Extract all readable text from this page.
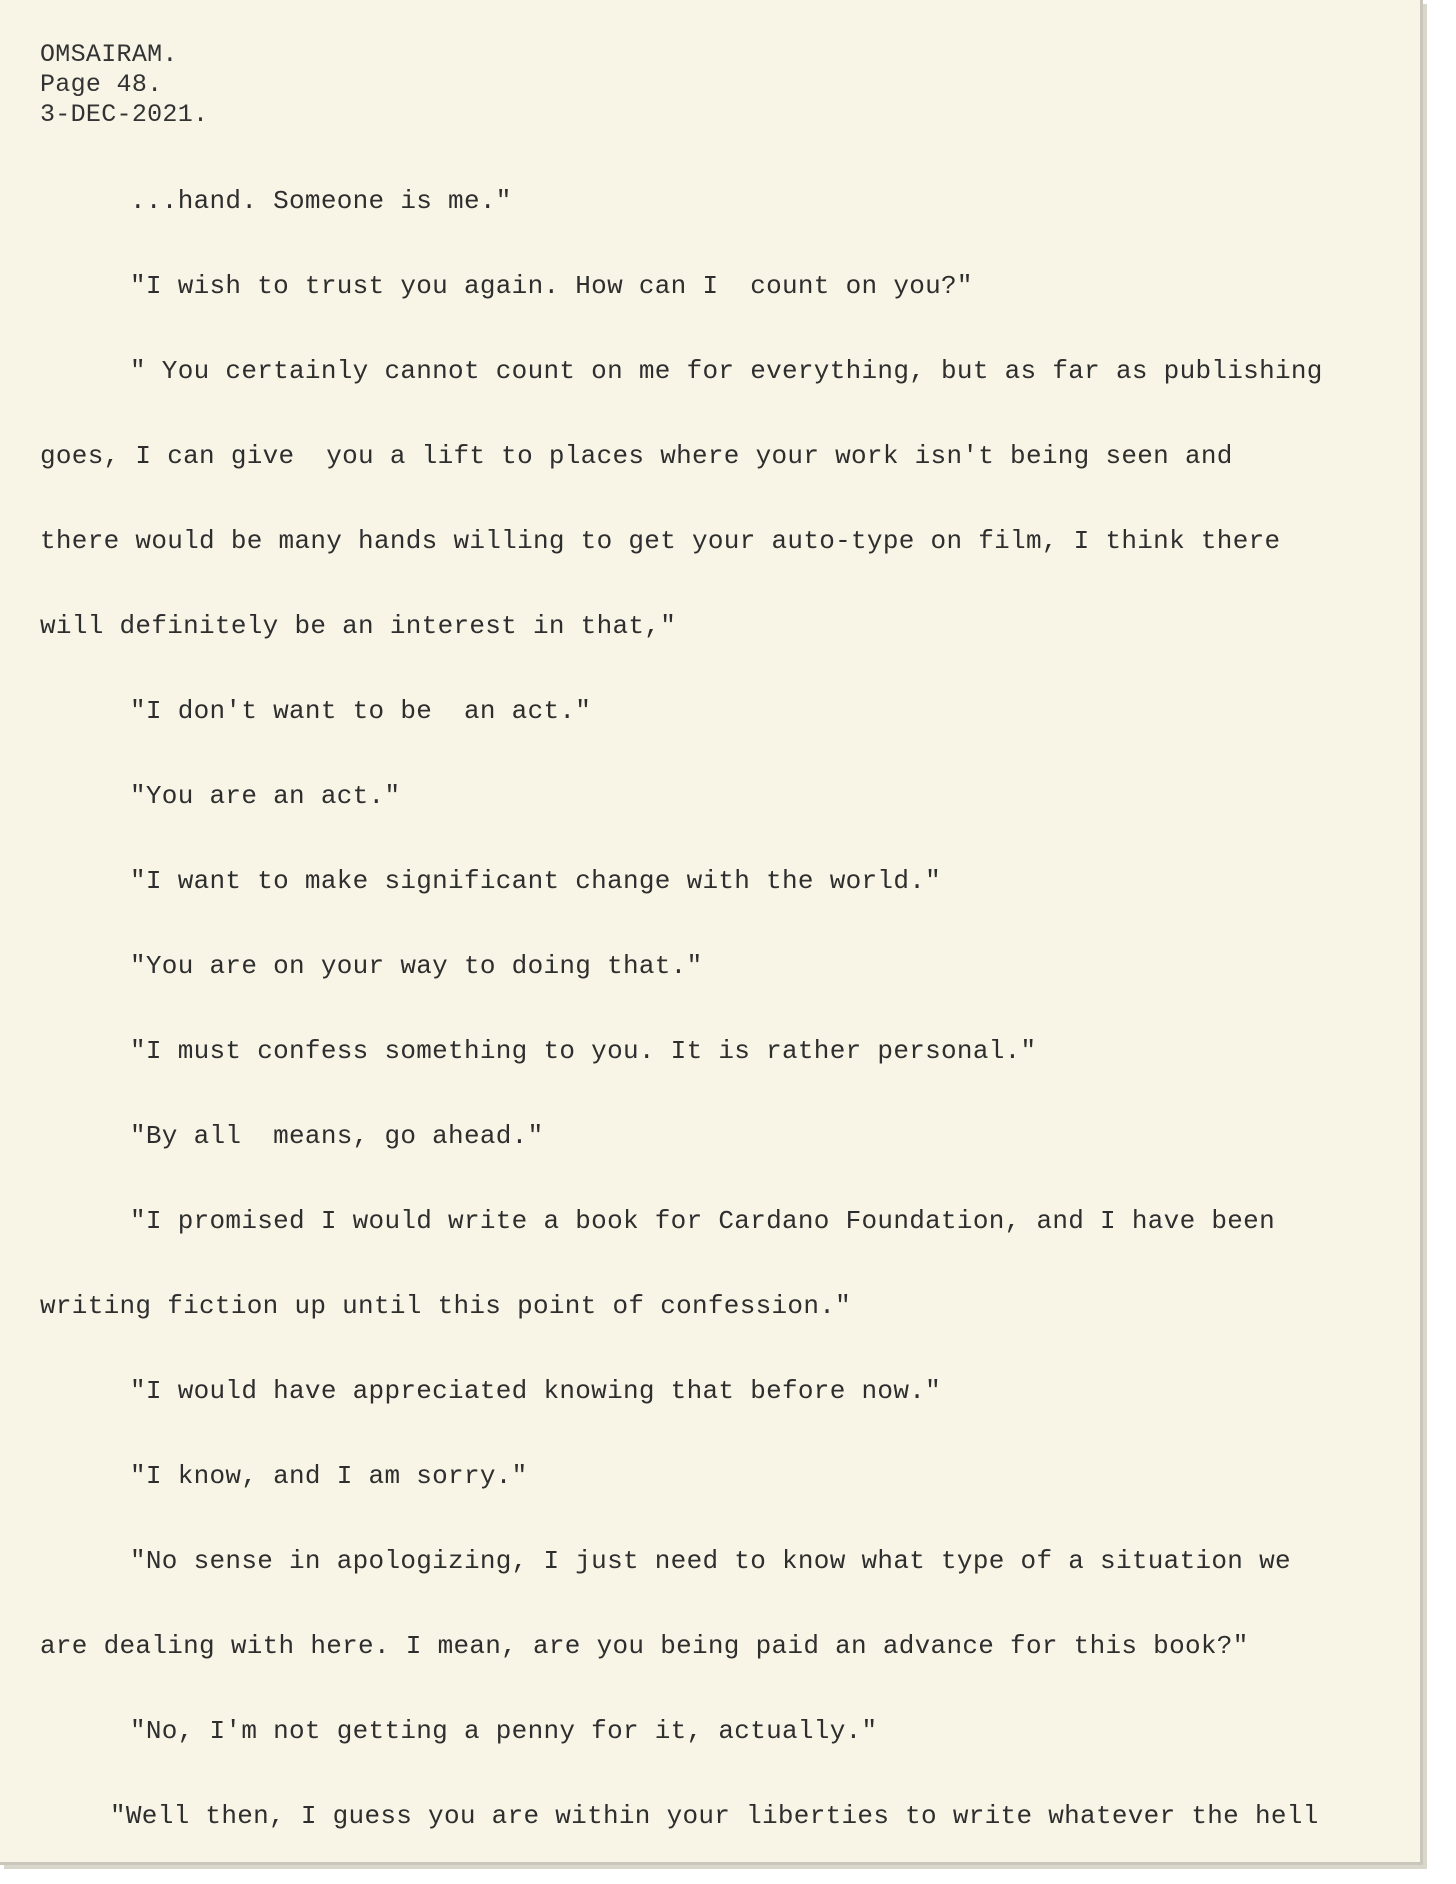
OMSAIRAM.

Page 48.

3-DEC-2021.

...hand. Someone is me."

"I wish to trust you again. How can I  count on you?"

" You certainly cannot count on me for everything, but as far as publishing

goes, I can give  you a lift to places where your work isn't being seen and

there would be many hands willing to get your auto-type on film, I think there

will definitely be an interest in that,"

"I don't want to be  an act."

"You are an act."

"I want to make significant change with the world."

"You are on your way to doing that."

"I must confess something to you. It is rather personal."

"By all  means, go ahead."

"I promised I would write a book for Cardano Foundation, and I have been

writing fiction up until this point of confession."

"I would have appreciated knowing that before now."

"I know, and I am sorry."

"No sense in apologizing, I just need to know what type of a situation we

are dealing with here. I mean, are you being paid an advance for this book?"

"No, I'm not getting a penny for it, actually."

"Well then, I guess you are within your liberties to write whatever the hell
